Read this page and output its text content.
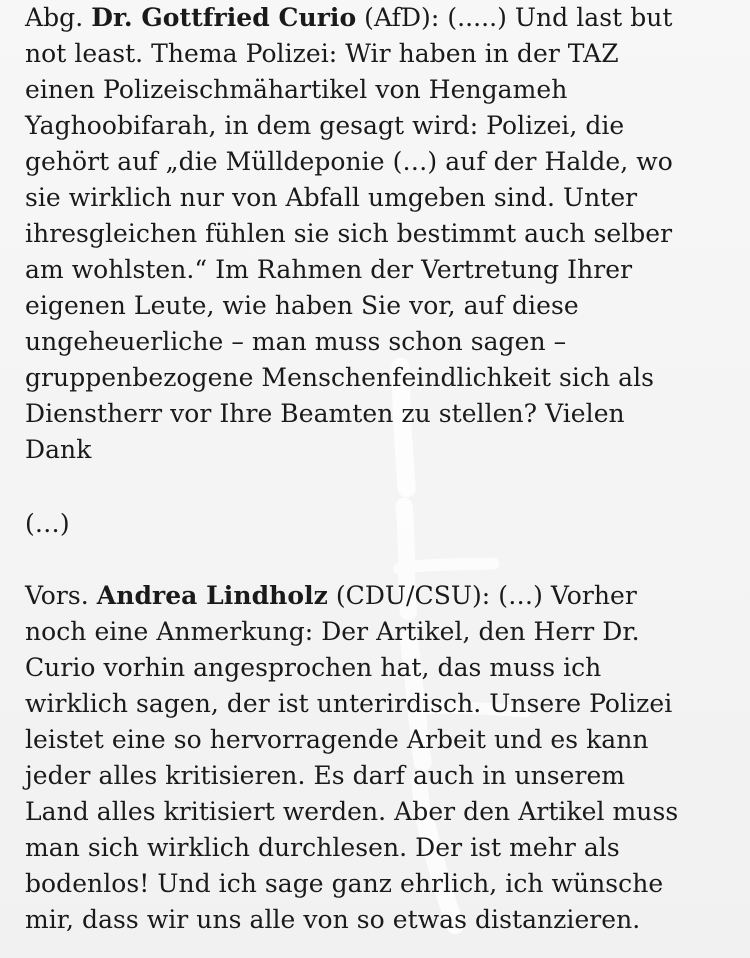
Abg. Dr. Gottfried Curio (AfD): (.....) Und last but
not least. Thema Polizei: Wir haben in der TAZ
einen Polizeischmähartikel von Hengameh
Yaghoobifarah, in dem gesagt wird: Polizei, die
gehört auf „die Mülldeponie (…) auf der Halde, wo
sie wirklich nur von Abfall umgeben sind. Unter
ihresgleichen fühlen sie sich bestimmt auch selber
am wohlsten.“ Im Rahmen der Vertretung Ihrer
eigenen Leute, wie haben Sie vor, auf diese
ungeheuerliche – man muss schon sagen –
gruppenbezogene Menschenfeindlichkeit sich als
Dienstherr vor Ihre Beamten zu stellen? Vielen
Dank

(…)

Vors. Andrea Lindholz (CDU/CSU): (…) Vorher
noch eine Anmerkung: Der Artikel, den Herr Dr.
Curio vorhin angesprochen hat, das muss ich
wirklich sagen, der ist unterirdisch. Unsere Polizei
leistet eine so hervorragende Arbeit und es kann
jeder alles kritisieren. Es darf auch in unserem
Land alles kritisiert werden. Aber den Artikel muss
man sich wirklich durchlesen. Der ist mehr als
bodenlos! Und ich sage ganz ehrlich, ich wünsche
mir, dass wir uns alle von so etwas distanzieren.
